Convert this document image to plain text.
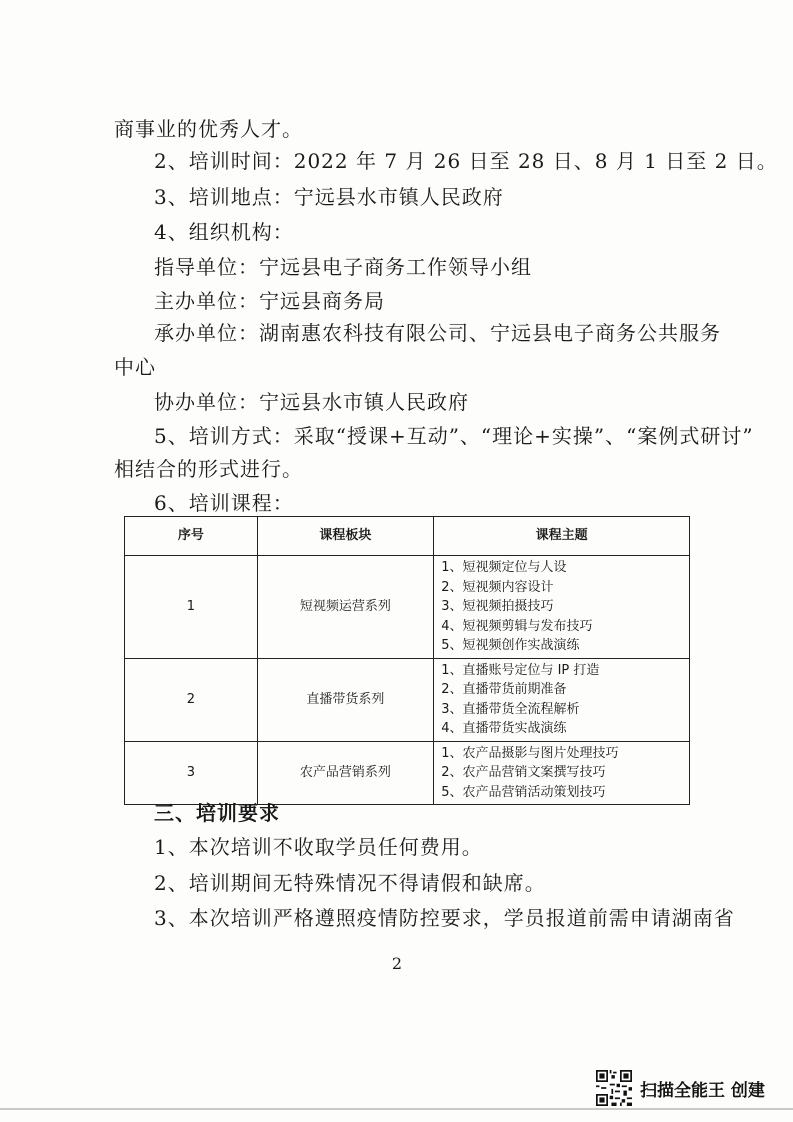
商事业的优秀人才。
2、培训时间：2022 年 7 月 26 日至 28 日、8 月 1 日至 2 日。
3、培训地点：宁远县水市镇人民政府
4、组织机构：
指导单位：宁远县电子商务工作领导小组
主办单位：宁远县商务局
承办单位：湖南惠农科技有限公司、宁远县电子商务公共服务
中心
协办单位：宁远县水市镇人民政府
5、培训方式：采取“授课+互动”、“理论+实操”、“案例式研讨”
相结合的形式进行。
6、培训课程：
序号	课程板块	课程主题
1	短视频运营系列	1、短视频定位与人设
2、短视频内容设计
3、短视频拍摄技巧
4、短视频剪辑与发布技巧
5、短视频创作实战演练

2	直播带货系列	1、直播账号定位与 IP 打造
2、直播带货前期准备
3、直播带货全流程解析
4、直播带货实战演练

3	农产品营销系列	1、农产品摄影与图片处理技巧
2、农产品营销文案撰写技巧
5、农产品营销活动策划技巧
三、培训要求
1、本次培训不收取学员任何费用。
2、培训期间无特殊情况不得请假和缺席。
3、本次培训严格遵照疫情防控要求，学员报道前需申请湖南省
2
扫描全能王 创建
